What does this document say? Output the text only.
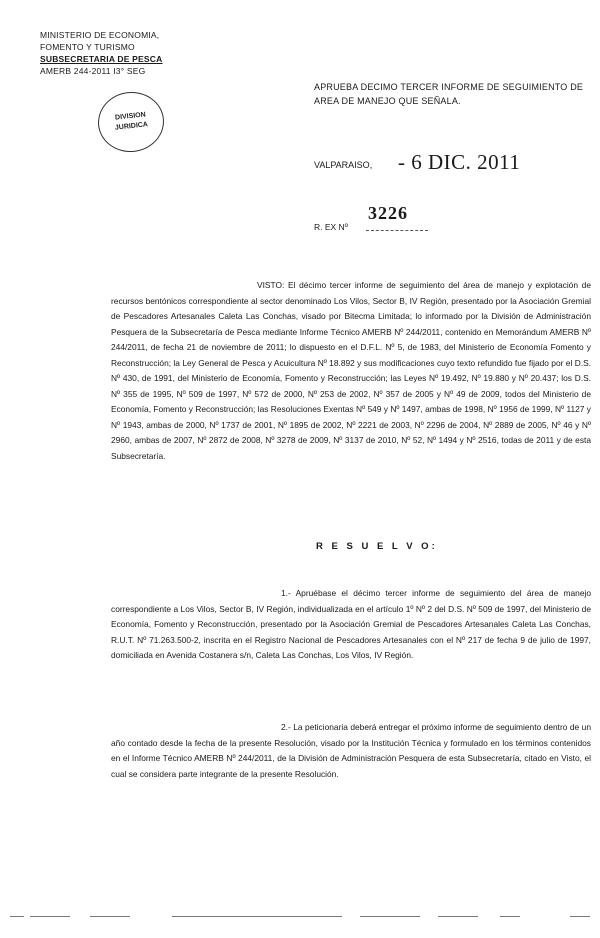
MINISTERIO DE ECONOMIA,
FOMENTO Y TURISMO
SUBSECRETARIA DE PESCA
AMERB 244-2011 I3° SEG
DIVISION
JURIDICA
APRUEBA DECIMO TERCER INFORME DE SEGUIMIENTO DE AREA DE MANEJO QUE SEÑALA.
VALPARAISO, - 6 DIC. 2011
3226
R. EX Nº
VISTO: El décimo tercer informe de seguimiento del área de manejo y explotación de recursos bentónicos correspondiente al sector denominado Los Vilos, Sector B, IV Región, presentado por la Asociación Gremial de Pescadores Artesanales Caleta Las Conchas, visado por Bitecma Limitada; lo informado por la División de Administración Pesquera de la Subsecretaría de Pesca mediante Informe Técnico AMERB Nº 244/2011, contenido en Memorándum AMERB Nº 244/2011, de fecha 21 de noviembre de 2011; lo dispuesto en el D.F.L. Nº 5, de 1983, del Ministerio de Economía Fomento y Reconstrucción; la Ley General de Pesca y Acuicultura Nº 18.892 y sus modificaciones cuyo texto refundido fue fijado por el D.S. Nº 430, de 1991, del Ministerio de Economía, Fomento y Reconstrucción; las Leyes Nº 19.492, Nº 19.880 y Nº 20.437; los D.S. Nº 355 de 1995, Nº 509 de 1997, Nº 572 de 2000, Nº 253 de 2002, Nº 357 de 2005 y Nº 49 de 2009, todos del Ministerio de Economía, Fomento y Reconstrucción; las Resoluciones Exentas Nº 549 y Nº 1497, ambas de 1998, Nº 1956 de 1999, Nº 1127 y Nº 1943, ambas de 2000, Nº 1737 de 2001, Nº 1895 de 2002, Nº 2221 de 2003, Nº 2296 de 2004, Nº 2889 de 2005, Nº 46 y Nº 2960, ambas de 2007, Nº 2872 de 2008, Nº 3278 de 2009, Nº 3137 de 2010, Nº 52, Nº 1494 y Nº 2516, todas de 2011 y de esta Subsecretaría.
R E S U E L V O:
1.- Apruébase el décimo tercer informe de seguimiento del área de manejo correspondiente a Los Vilos, Sector B, IV Región, individualizada en el artículo 1º Nº 2 del D.S. Nº 509 de 1997, del Ministerio de Economía, Fomento y Reconstrucción, presentado por la Asociación Gremial de Pescadores Artesanales Caleta Las Conchas, R.U.T. Nº 71.263.500-2, inscrita en el Registro Nacional de Pescadores Artesanales con el Nº 217 de fecha 9 de julio de 1997, domiciliada en Avenida Costanera s/n, Caleta Las Conchas, Los Vilos, IV Región.
2.- La peticionaria deberá entregar el próximo informe de seguimiento dentro de un año contado desde la fecha de la presente Resolución, visado por la Institución Técnica y formulado en los términos contenidos en el Informe Técnico AMERB Nº 244/2011, de la División de Administración Pesquera de esta Subsecretaría, citado en Visto, el cual se considera parte integrante de la presente Resolución.
